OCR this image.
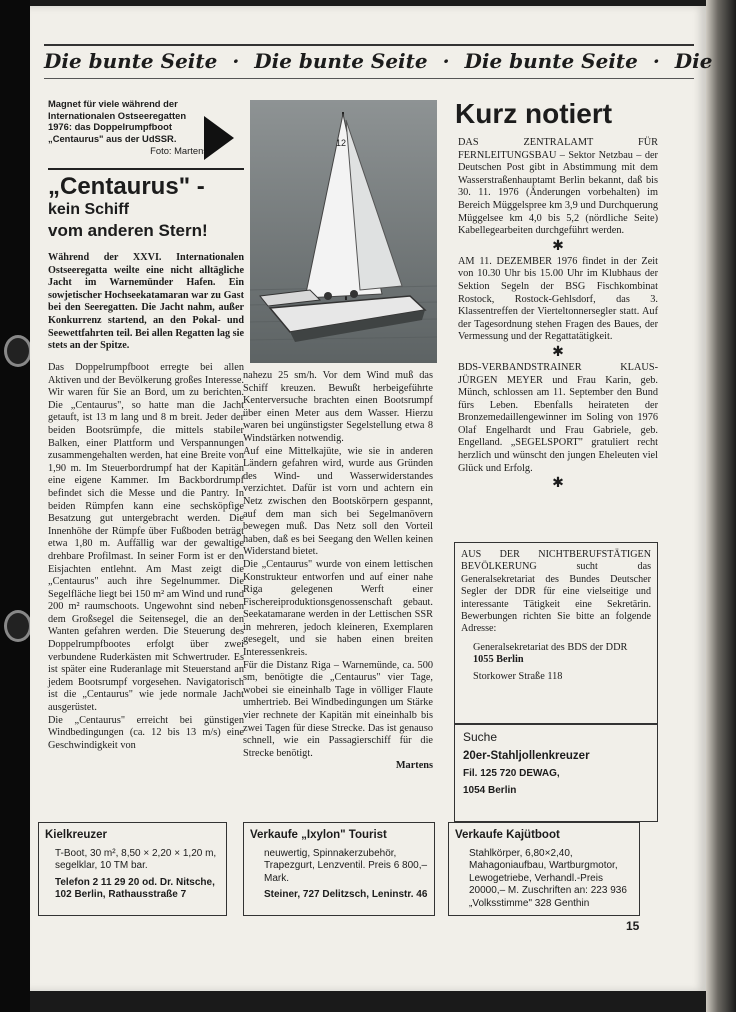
Die bunte Seite · Die bunte Seite · Die bunte Seite · Die
Magnet für viele während der Internationalen Ostseeregatten 1976: das Doppelrumpfboot „Centaurus" aus der UdSSR.
Foto: Martens
„Centaurus" -
kein Schiff
vom anderen Stern!

Während der XXVI. Internationalen Ostseeregatta weilte eine nicht alltägliche Jacht im Warnemünder Hafen. Ein sowjetischer Hochseekatamaran war zu Gast bei den Seeregatten. Die Jacht nahm, außer Konkurrenz startend, an den Pokal- und Seewettfahrten teil. Bei allen Regatten lag sie stets an der Spitze.

Das Doppelrumpfboot erregte bei allen Aktiven und der Bevölkerung großes Interesse. Wir waren für Sie an Bord, um zu berichten. Die „Centaurus", so hatte man die Jacht getauft, ist 13 m lang und 8 m breit. Jeder der beiden Bootsrümpfe, die mittels stabiler Balken, einer Plattform und Verspannungen zusammengehalten werden, hat eine Breite von 1,90 m. Im Steuerbordrumpf hat der Kapitän eine eigene Kammer. Im Backbordrumpf befindet sich die Messe und die Pantry. In beiden Rümpfen kann eine sechsköpfige Besatzung gut untergebracht werden. Die Innenhöhe der Rümpfe über Fußboden beträgt etwa 1,80 m. Auffällig war der gewaltige drehbare Profilmast. In seiner Form ist er den Eisjachten entlehnt. Am Mast zeigt die „Centaurus" auch ihre Segelnummer. Die Segelfläche liegt bei 150 m² am Wind und rund 200 m² raumschoots. Ungewohnt sind neben dem Großsegel die Seitensegel, die an den Wanten gefahren werden. Die Steuerung des Doppelrumpfbootes erfolgt über zwei verbundene Ruderkästen mit Schwertruder. Es ist später eine Ruderanlage mit Steuerstand an jedem Bootsrumpf vorgesehen. Navigatorisch ist die „Centaurus" wie jede normale Jacht ausgerüstet.

Die „Centaurus" erreicht bei günstigen Windbedingungen (ca. 12 bis 13 m/s) eine Geschwindigkeit von

12

nahezu 25 sm/h. Vor dem Wind muß das Schiff kreuzen. Bewußt herbeigeführte Kenterversuche brachten einen Bootsrumpf über einen Meter aus dem Wasser. Hierzu waren bei ungünstigster Segelstellung etwa 8 Windstärken notwendig.

Auf eine Mittelkajüte, wie sie in anderen Ländern gefahren wird, wurde aus Gründen des Wind- und Wasserwiderstandes verzichtet. Dafür ist vorn und achtern ein Netz zwischen den Bootskörpern gespannt, auf dem man sich bei Segelmanövern bewegen muß. Das Netz soll den Vorteil haben, daß es bei Seegang den Wellen keinen Widerstand bietet.

Die „Centaurus" wurde von einem lettischen Konstrukteur entworfen und auf einer nahe Riga gelegenen Werft einer Fischereiproduktionsgenossenschaft gebaut. Seekatamarane werden in der Lettischen SSR in mehreren, jedoch kleineren, Exemplaren gesegelt, und sie haben einen breiten Interessenkreis.

Für die Distanz Riga – Warnemünde, ca. 500 sm, benötigte die „Centaurus" vier Tage, wobei sie eineinhalb Tage in völliger Flaute umhertrieb. Bei Windbedingungen um Stärke vier rechnete der Kapitän mit eineinhalb bis zwei Tagen für diese Strecke. Das ist genauso schnell, wie ein Passagierschiff für die Strecke benötigt.

Martens

Kurz notiert

DAS ZENTRALAMT FÜR FERNLEITUNGSBAU – Sektor Netzbau – der Deutschen Post gibt in Abstimmung mit dem Wasserstraßenhauptamt Berlin bekannt, daß bis 30. 11. 1976 (Änderungen vorbehalten) im Bereich Müggelspree km 3,9 und Durchquerung Müggelsee km 4,0 bis 5,2 (nördliche Seite) Kabellegearbeiten durchgeführt werden.

✱

AM 11. DEZEMBER 1976 findet in der Zeit von 10.30 Uhr bis 15.00 Uhr im Klubhaus der Sektion Segeln der BSG Fischkombinat Rostock, Rostock-Gehlsdorf, das 3. Klassentreffen der Vierteltonnersegler statt. Auf der Tagesordnung stehen Fragen des Baues, der Vermessung und der Regattatätigkeit.

✱

BDS-VERBANDSTRAINER KLAUS-JÜRGEN MEYER und Frau Karin, geb. Münch, schlossen am 11. September den Bund fürs Leben. Ebenfalls heirateten der Bronzemedaillengewinner im Soling von 1976 Olaf Engelhardt und Frau Gabriele, geb. Engelland. „SEGELSPORT" gratuliert recht herzlich und wünscht den jungen Eheleuten viel Glück und Erfolg.

✱

AUS DER NICHTBERUFSTÄTIGEN BEVÖLKERUNG sucht das Generalsekretariat des Bundes Deutscher Segler der DDR für eine vielseitige und interessante Tätigkeit eine Sekretärin. Bewerbungen richten Sie bitte an folgende Adresse:

Generalsekretariat des BDS der DDR

1055 Berlin

Storkower Straße 118

Suche
20er-Stahljollenkreuzer
Fil. 125 720 DEWAG,
1054 Berlin
Kielkreuzer
T-Boot, 30 m², 8,50 × 2,20 × 1,20 m, segelklar, 10 TM bar.
Telefon 2 11 29 20 od. Dr. Nitsche, 102 Berlin, Rathausstraße 7
Verkaufe „Ixylon" Tourist
neuwertig, Spinnakerzubehör, Trapezgurt, Lenzventil. Preis 6 800,– Mark.
Steiner, 727 Delitzsch, Leninstr. 46
Verkaufe Kajütboot
Stahlkörper, 6,80×2,40, Mahagoniaufbau, Wartburgmotor, Lewogetriebe, Verhandl.-Preis 20000,– M. Zuschriften an: 223 936 „Volksstimme" 328 Genthin
15
